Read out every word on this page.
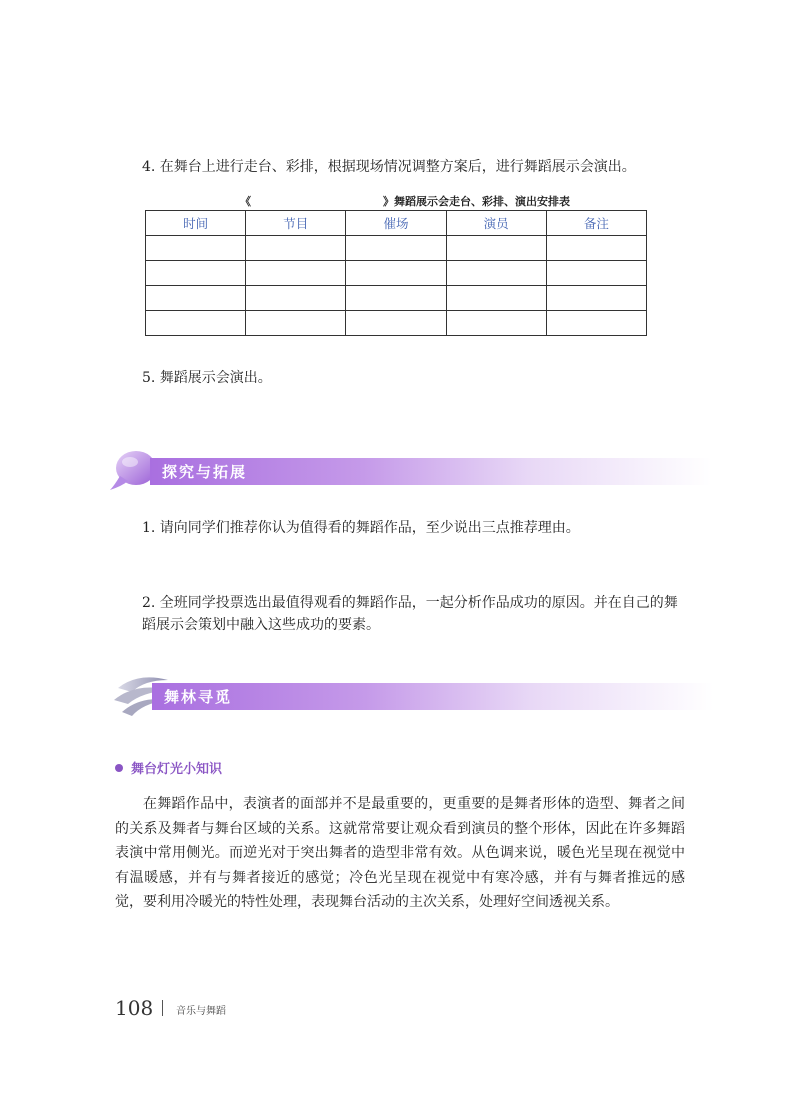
4. 在舞台上进行走台、彩排，根据现场情况调整方案后，进行舞蹈展示会演出。
《	》舞蹈展示会走台、彩排、演出安排表
时间	节目	催场	演员	备注

5. 舞蹈展示会演出。
探究与拓展
1. 请向同学们推荐你认为值得看的舞蹈作品，至少说出三点推荐理由。
2. 全班同学投票选出最值得观看的舞蹈作品，一起分析作品成功的原因。并在自己的舞蹈展示会策划中融入这些成功的要素。
舞林寻觅
舞台灯光小知识
在舞蹈作品中，表演者的面部并不是最重要的，更重要的是舞者形体的造型、舞者之间的关系及舞者与舞台区域的关系。这就常常要让观众看到演员的整个形体，因此在许多舞蹈表演中常用侧光。而逆光对于突出舞者的造型非常有效。从色调来说，暖色光呈现在视觉中有温暖感，并有与舞者接近的感觉；冷色光呈现在视觉中有寒冷感，并有与舞者推远的感觉，要利用冷暖光的特性处理，表现舞台活动的主次关系，处理好空间透视关系。
108 音乐与舞蹈
